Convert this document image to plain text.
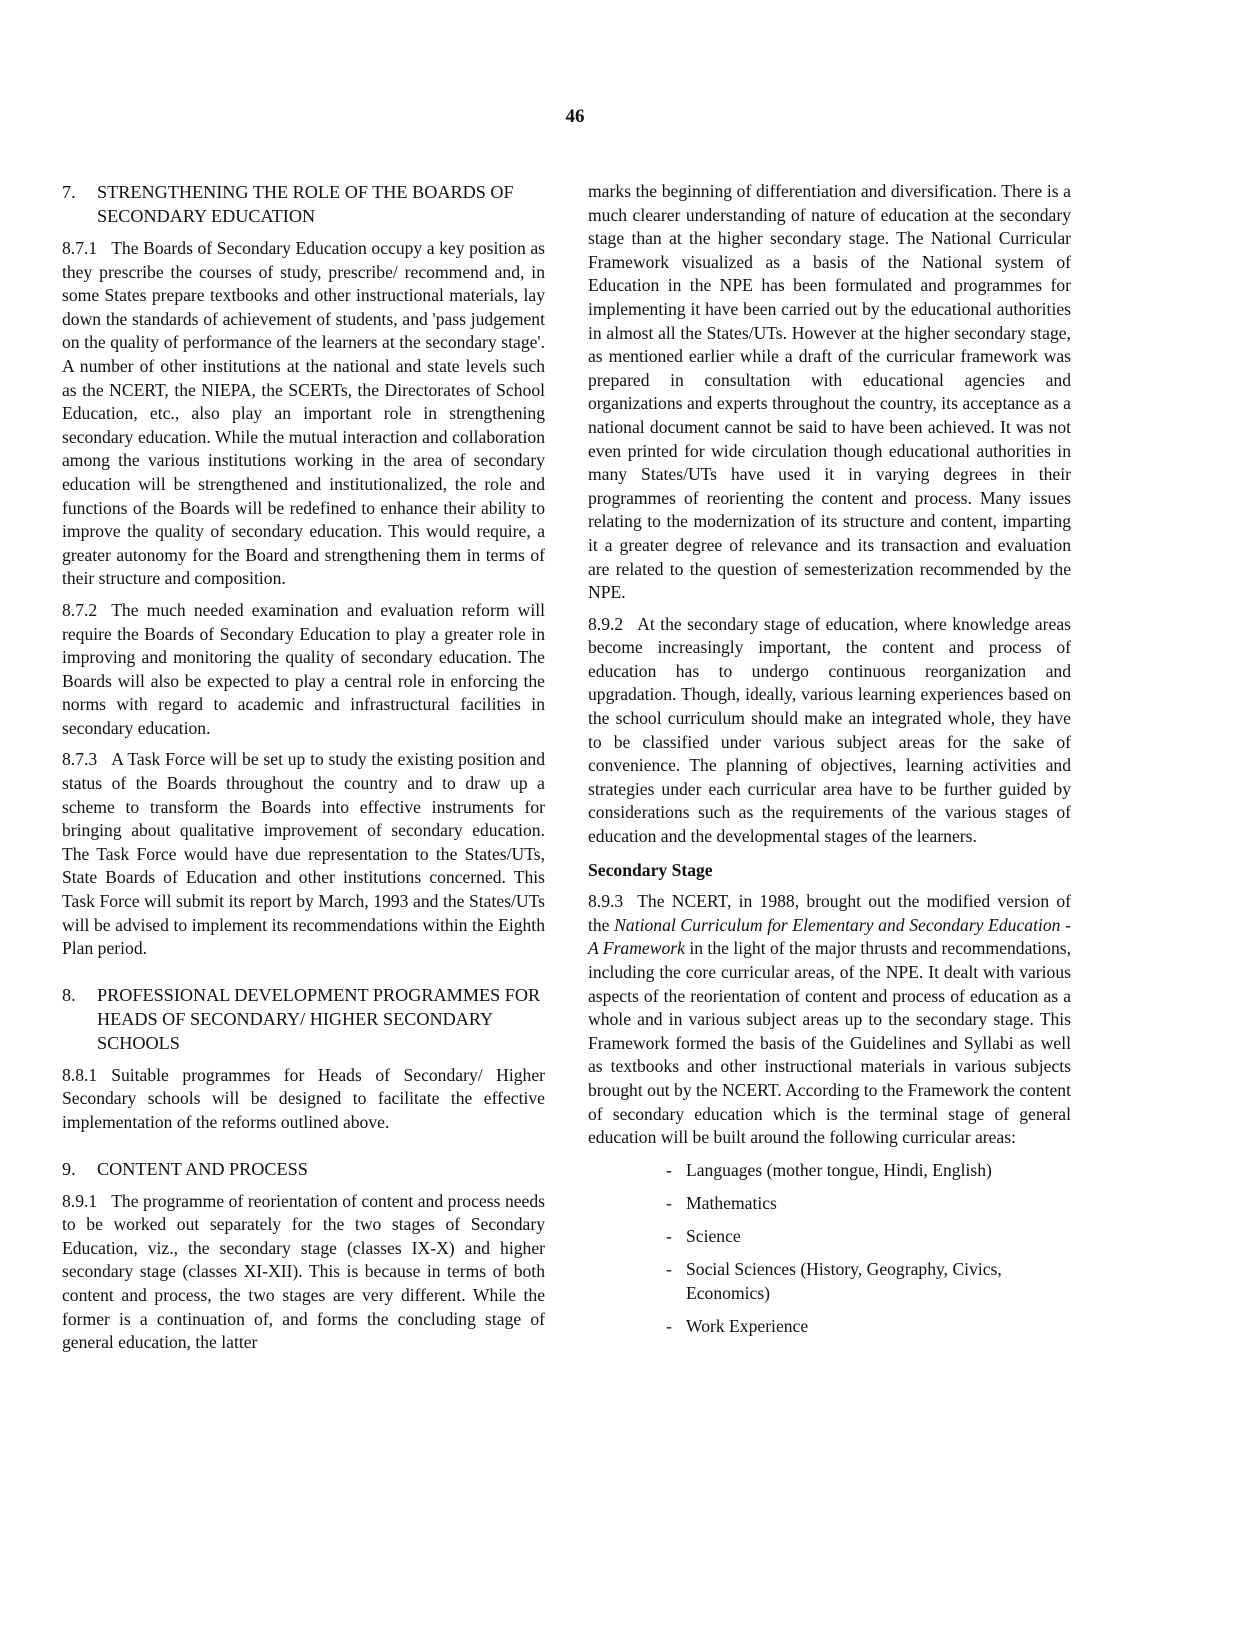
46
7.	STRENGTHENING THE ROLE OF THE BOARDS OF SECONDARY EDUCATION

8.7.1 The Boards of Secondary Education occupy a key position as they prescribe the courses of study, prescribe/ recommend and, in some States prepare textbooks and other instructional materials, lay down the standards of achievement of students, and 'pass judgement on the quality of performance of the learners at the secondary stage'. A number of other institutions at the national and state levels such as the NCERT, the NIEPA, the SCERTs, the Directorates of School Education, etc., also play an important role in strengthening secondary education. While the mutual interaction and collaboration among the various institutions working in the area of secondary education will be strengthened and institutionalized, the role and functions of the Boards will be redefined to enhance their ability to improve the quality of secondary education. This would require, a greater autonomy for the Board and strengthening them in terms of their structure and composition.

8.7.2 The much needed examination and evaluation reform will require the Boards of Secondary Education to play a greater role in improving and monitoring the quality of secondary education. The Boards will also be expected to play a central role in enforcing the norms with regard to academic and infrastructural facilities in secondary education.

8.7.3 A Task Force will be set up to study the existing position and status of the Boards throughout the country and to draw up a scheme to transform the Boards into effective instruments for bringing about qualitative improvement of secondary education. The Task Force would have due representation to the States/UTs, State Boards of Education and other institutions concerned. This Task Force will submit its report by March, 1993 and the States/UTs will be advised to implement its recommendations within the Eighth Plan period.

8.	PROFESSIONAL DEVELOPMENT PROGRAMMES FOR HEADS OF SECONDARY/ HIGHER SECONDARY SCHOOLS

8.8.1 Suitable programmes for Heads of Secondary/ Higher Secondary schools will be designed to facilitate the effective implementation of the reforms outlined above.

9.	CONTENT AND PROCESS

8.9.1 The programme of reorientation of content and process needs to be worked out separately for the two stages of Secondary Education, viz., the secondary stage (classes IX-X) and higher secondary stage (classes XI-XII). This is because in terms of both content and process, the two stages are very different. While the former is a continuation of, and forms the concluding stage of general education, the latter

marks the beginning of differentiation and diversification. There is a much clearer understanding of nature of education at the secondary stage than at the higher secondary stage. The National Curricular Framework visualized as a basis of the National system of Education in the NPE has been formulated and programmes for implementing it have been carried out by the educational authorities in almost all the States/UTs. However at the higher secondary stage, as mentioned earlier while a draft of the curricular framework was prepared in consultation with educational agencies and organizations and experts throughout the country, its acceptance as a national document cannot be said to have been achieved. It was not even printed for wide circulation though educational authorities in many States/UTs have used it in varying degrees in their programmes of reorienting the content and process. Many issues relating to the modernization of its structure and content, imparting it a greater degree of relevance and its transaction and evaluation are related to the question of semesterization recommended by the NPE.

8.9.2 At the secondary stage of education, where knowledge areas become increasingly important, the content and process of education has to undergo continuous reorganization and upgradation. Though, ideally, various learning experiences based on the school curriculum should make an integrated whole, they have to be classified under various subject areas for the sake of convenience. The planning of objectives, learning activities and strategies under each curricular area have to be further guided by considerations such as the requirements of the various stages of education and the developmental stages of the learners.

Secondary Stage

8.9.3 The NCERT, in 1988, brought out the modified version of the National Curriculum for Elementary and Secondary Education - A Framework in the light of the major thrusts and recommendations, including the core curricular areas, of the NPE. It dealt with various aspects of the reorientation of content and process of education as a whole and in various subject areas up to the secondary stage. This Framework formed the basis of the Guidelines and Syllabi as well as textbooks and other instructional materials in various subjects brought out by the NCERT. According to the Framework the content of secondary education which is the terminal stage of general education will be built around the following curricular areas:

- Languages (mother tongue, Hindi, English)
- Mathematics
- Science
- Social Sciences (History, Geography, Civics, Economics)
- Work Experience
